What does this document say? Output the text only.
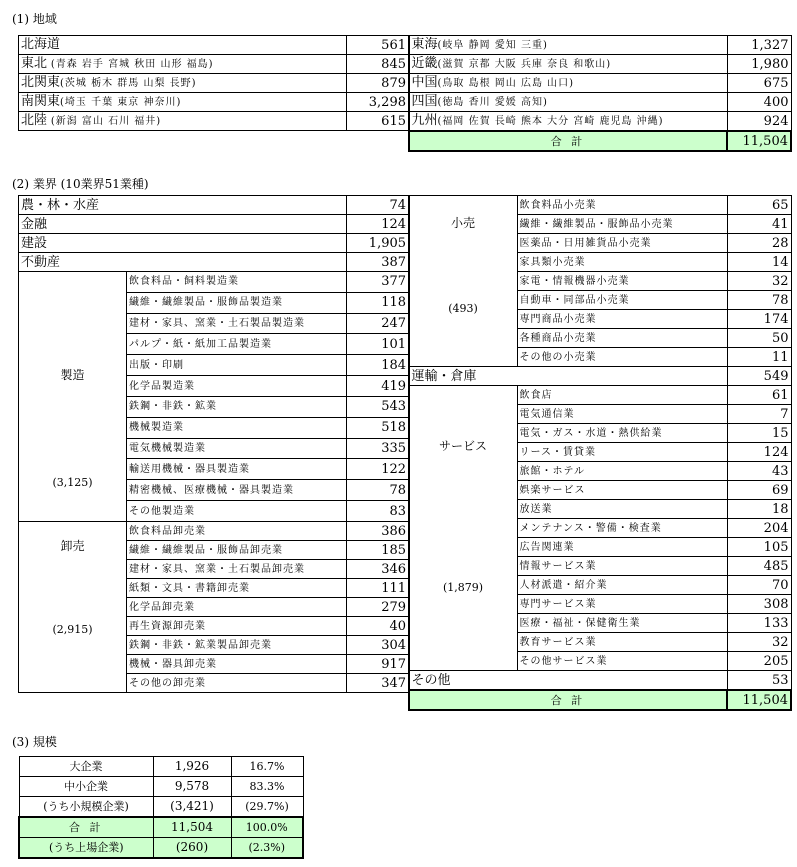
(1) 地域
北海道	561
東北 (青森 岩手 宮城 秋田 山形 福島)	845
北関東(茨城 栃木 群馬 山梨 長野)	879
南関東(埼玉 千葉 東京 神奈川)	3,298
北陸 (新潟 富山 石川 福井)	615
東海(岐阜 静岡 愛知 三重)	1,327
近畿(滋賀 京都 大阪 兵庫 奈良 和歌山)	1,980
中国(鳥取 島根 岡山 広島 山口)	675
四国(徳島 香川 愛媛 高知)	400
九州(福岡 佐賀 長崎 熊本 大分 宮崎 鹿児島 沖縄)	924
合 計	11,504
(2) 業界 (10業界51業種)
農・林・水産		74
金融		124
建設		1,905
不動産		387

製造
(3,125)	飲食料品・飼料製造業	377
	繊維・繊維製品・服飾品製造業	118
	建材・家具、窯業・土石製品製造業	247
	パルプ・紙・紙加工品製造業	101
	出版・印刷	184
	化学品製造業	419
	鉄鋼・非鉄・鉱業	543
	機械製造業	518
	電気機械製造業	335
	輸送用機械・器具製造業	122
	精密機械、医療機械・器具製造業	78
	その他製造業	83

卸売
(2,915)	飲食料品卸売業	386
	繊維・繊維製品・服飾品卸売業	185
	建材・家具、窯業・土石製品卸売業	346
	紙類・文具・書籍卸売業	111
	化学品卸売業	279
	再生資源卸売業	40
	鉄鋼・非鉄・鉱業製品卸売業	304
	機械・器具卸売業	917
	その他の卸売業	347
小売
(493)	飲食料品小売業	65
	繊維・繊維製品・服飾品小売業	41
	医薬品・日用雑貨品小売業	28
	家具類小売業	14
	家電・情報機器小売業	32
	自動車・同部品小売業	78
	専門商品小売業	174
	各種商品小売業	50
	その他の小売業	11
運輸・倉庫		549

サービス
(1,879)	飲食店	61
	電気通信業	7
	電気・ガス・水道・熱供給業	15
	リース・賃貸業	124
	旅館・ホテル	43
	娯楽サービス	69
	放送業	18
	メンテナンス・警備・検査業	204
	広告関連業	105
	情報サービス業	485
	人材派遣・紹介業	70
	専門サービス業	308
	医療・福祉・保健衛生業	133
	教育サービス業	32
	その他サービス業	205
その他		53
合 計		11,504
(3) 規模
大企業	1,926	16.7%
中小企業	9,578	83.3%
(うち小規模企業)	(3,421)	(29.7%)
合 計	11,504	100.0%
(うち上場企業)	(260)	(2.3%)
